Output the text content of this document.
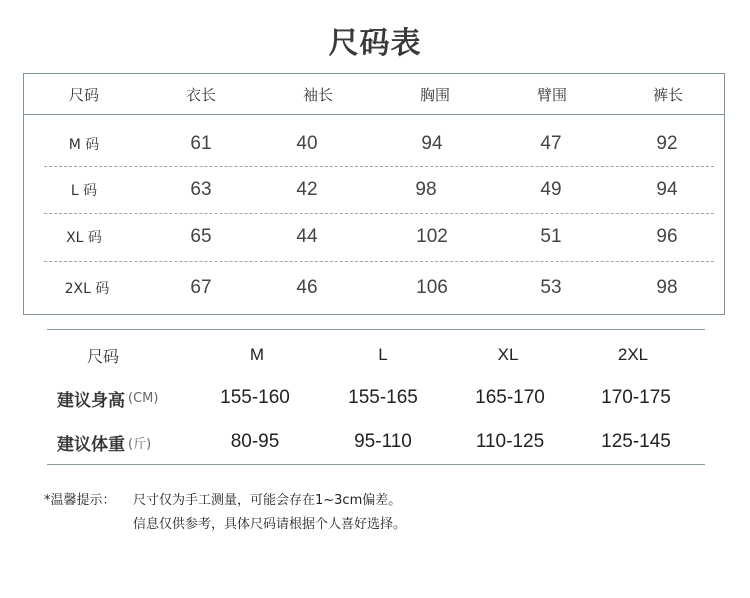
尺码表
尺码	衣长	袖长	胸围	臂围	裤长
M 码	61	40	94	47	92
L 码	63	42	98	49	94
XL 码	65	44	102	51	96
2XL 码	67	46	106	53	98
尺码	M	L	XL	2XL
建议身高 (CM)	155-160	155-165	165-170	170-175
建议体重 (斤)	80-95	95-110	110-125	125-145
*温馨提示： 尺寸仅为手工测量，可能会存在1~3cm偏差。
信息仅供参考，具体尺码请根据个人喜好选择。
